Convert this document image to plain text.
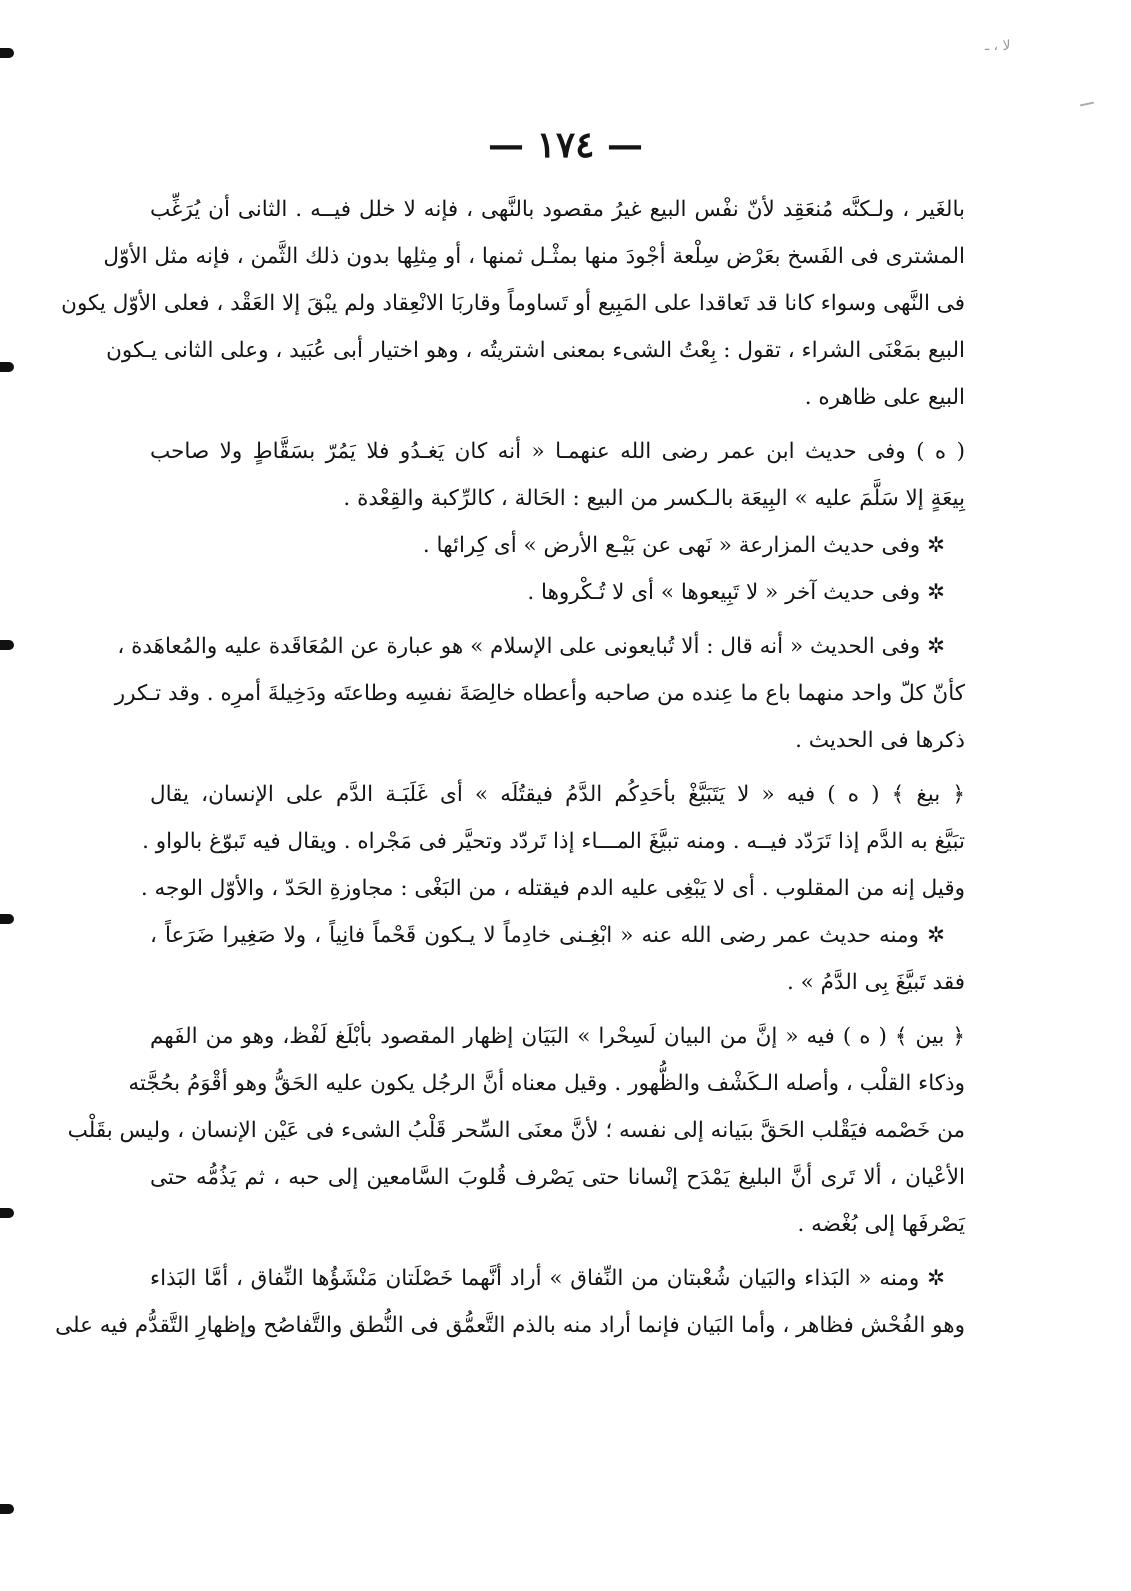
ﻻ ، ـ
— ١٧٤ —
بالغَير ، ولـكنَّه مُنعَقِد لأنّ نفْس البيع غيرُ مقصود بالنَّهى ، فإنه لا خلل فيــه . الثانى أن يُرَغِّب
المشترى فى الفَسخ بعَرْض سِلْعة أجْودَ منها بمثْـل ثمنها ، أو مِثلِها بدون ذلك الثَّمن ، فإنه مثل الأوّل
فى النَّهى وسواء كانا قد تَعاقدا على المَبِيع أو تَساوماً وقاربَا الانْعِقاد ولم يبْقَ إلا العَقْد ، فعلى الأوّل يكون
البيع بمَعْنَى الشراء ، تقول : بِعْتُ الشىء بمعنى اشتريتُه ، وهو اختيار أبى عُبَيد ، وعلى الثانى يـكون
البيع على ظاهره .
( ه ) وفى حديث ابن عمر رضى الله عنهمـا « أنه كان يَغـدُو فلا يَمُرّ بسَقَّاطٍ ولا صاحب
بِيعَةٍ إلا سَلَّمَ عليه » البِيعَة بالـكسر من البيع : الحَالة ، كالرِّكبة والقِعْدة .
✲ وفى حديث المزارعة « نَهى عن بَيْـع الأرض » أى كِرائها .
✲ وفى حديث آخر « لا تَبِيعوها » أى لا تُـكْروها .
✲ وفى الحديث « أنه قال : ألا تُبايعونى على الإسلام » هو عبارة عن المُعَاقَدة عليه والمُعاهَدة ،
كأنّ كلّ واحد منهما باع ما عِنده من صاحبه وأعطاه خالِصَةَ نفسِه وطاعتَه ودَخِيلةَ أمرِه . وقد تـكرر
ذكرها فى الحديث .
﴿ بيغ ﴾ ( ه ) فيه « لا يَتَبَيَّغْ بأحَدِكُم الدَّمُ فيقتُلَه » أى غَلَبَـة الدَّم على الإنسان، يقال
تبَيَّغ به الدَّم إذا تَرَدّد فيــه . ومنه تبيَّغَ المـــاء إذا تَردّد وتحيَّر فى مَجْراه . ويقال فيه تَبوّغ بالواو .
وقيل إنه من المقلوب . أى لا يَبْغِى عليه الدم فيقتله ، من البَغْى : مجاوزةِ الحَدّ ، والأوّل الوجه .
✲ ومنه حديث عمر رضى الله عنه « ابْغِـنى خادِماً لا يـكون قَحْماً فانِياً ، ولا صَغِيرا ضَرَعاً ،
فقد تَبيَّغَ بِى الدَّمُ » .
﴿ بين ﴾ ( ه ) فيه « إنَّ من البيان لَسِحْرا » البَيَان إظهار المقصود بأبْلَغ لَفْظ، وهو من الفَهم
وذكاء القلْب ، وأصله الـكَشْف والظُّهور . وقيل معناه أنَّ الرجُل يكون عليه الحَقُّ وهو أقْوَمُ بحُجَّته
من خَصْمه فيَقْلب الحَقَّ ببَيانه إلى نفسه ؛ لأنَّ معنَى السِّحر قَلْبُ الشىء فى عَيْن الإنسان ، وليس بقَلْب
الأعْيان ، ألا تَرى أنَّ البليغ يَمْدَح إنْسانا حتى يَصْرف قُلوبَ السَّامعين إلى حبه ، ثم يَذُمُّه حتى
يَصْرفَها إلى بُغْضه .
✲ ومنه « البَذاء والبَيان شُعْبتان من النِّفاق » أراد أنَّهما خَصْلَتان مَنْشَؤُها النِّفاق ، أمَّا البَذاء
وهو الفُحْش فظاهر ، وأما البَيان فإنما أراد منه بالذم التَّعمُّق فى النُّطق والتَّفاصُح وإظهارِ التَّقدُّم فيه على
